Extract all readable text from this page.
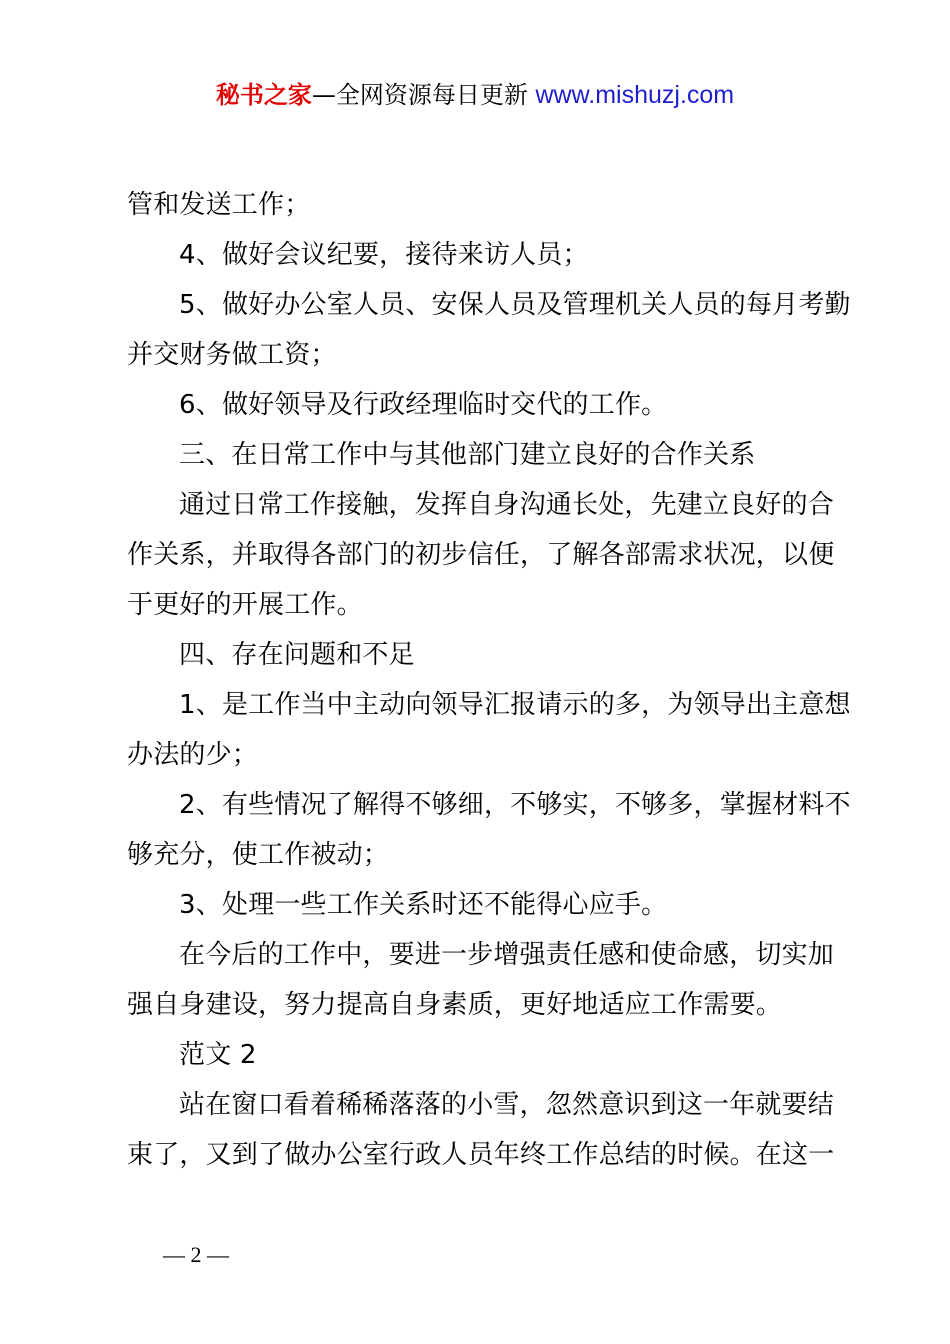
秘书之家—全网资源每日更新 www.mishuzj.com
管和发送工作；
4、做好会议纪要，接待来访人员；
5、做好办公室人员、安保人员及管理机关人员的每月考勤
并交财务做工资；
6、做好领导及行政经理临时交代的工作。
三、在日常工作中与其他部门建立良好的合作关系
通过日常工作接触，发挥自身沟通长处，先建立良好的合
作关系，并取得各部门的初步信任，了解各部需求状况，以便
于更好的开展工作。
四、存在问题和不足
1、是工作当中主动向领导汇报请示的多，为领导出主意想
办法的少；
2、有些情况了解得不够细，不够实，不够多，掌握材料不
够充分，使工作被动；
3、处理一些工作关系时还不能得心应手。
在今后的工作中，要进一步增强责任感和使命感，切实加
强自身建设，努力提高自身素质，更好地适应工作需要。
范文 2
站在窗口看着稀稀落落的小雪，忽然意识到这一年就要结
束了，又到了做办公室行政人员年终工作总结的时候。在这一
— 2 —
